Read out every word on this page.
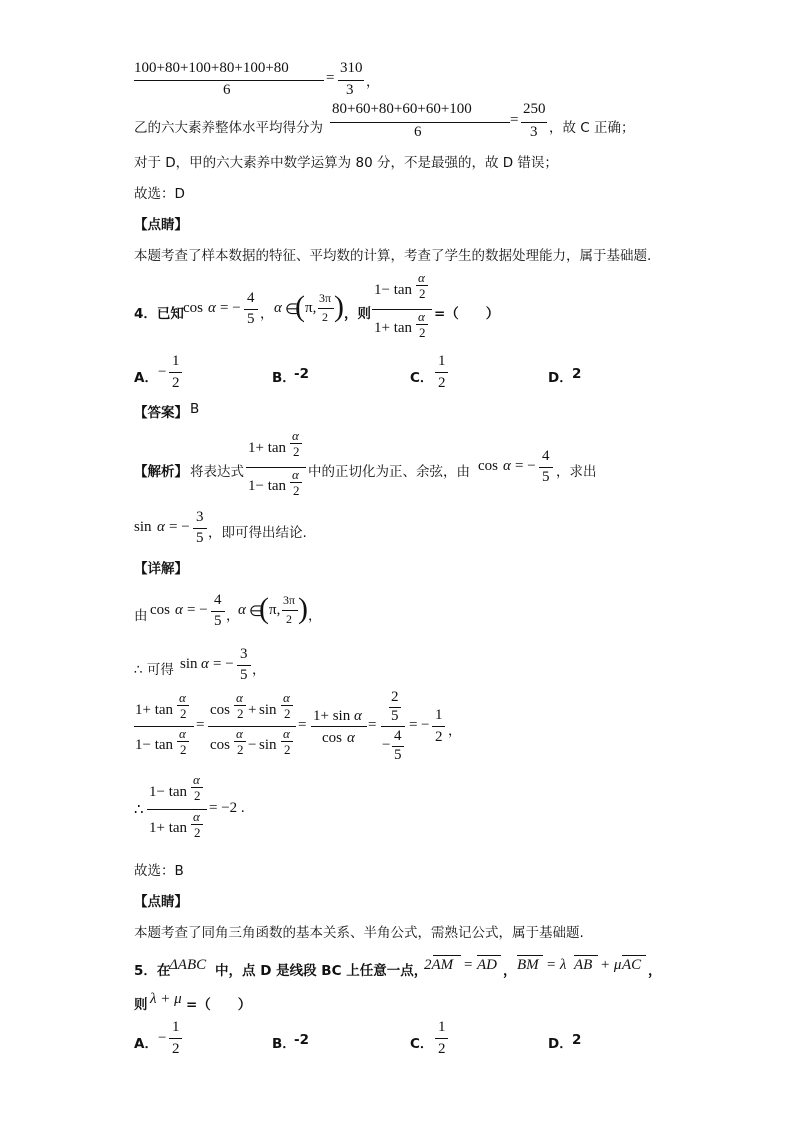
100+80+100+80+100+80
6
=
310
3 ，
乙的六大素养整体水平均得分为
80+60+80+60+60+100
6
=
250
3 ，故 C 正确；
对于 D，甲的六大素养中数学运算为 80 分，不是最强的，故 D 错误；
故选：D
【点睛】
本题考查了样本数据的特征、平均数的计算，考查了学生的数据处理能力，属于基础题.
4．已知 cos α = −
4
5 ， α ∈
( π,
3π
2 ) ，则
1− tan
α
2
1+ tan
α
2
=（　　）
A． −
1
2	B．
-2	C．
1
2	D． 2
【答案】 B
【解析】 将表达式
1+ tan
α
2
1− tan
α
2
中的正切化为正、余弦，由 cos α = −
4
5 ，求出
sin α = −
3
5 ，即可得出结论.
【详解】
由 cos α = −
4
5 ，
α ∈
( π,
3π
2 ) ，
∴ 可得 sin α = −
3
5 ，
1+ tan
α
2
1− tan
α
2
=
cos
α
2 + sin
α
2
cos
α
2 − sin
α
2
=
1+ sin α
cos α
=
2
5
−
4
5
= −
1
2 ，
∴
1− tan
α
2
1+ tan
α
2
= −2 .
故选：B
【点睛】
本题考查了同角三角函数的基本关系、半角公式，需熟记公式，属于基础题.
5．在
ΔABC 中，点 D 是线段 BC 上任意一点，
2AM = AD ， BM = λ AB + μ AC ，
则 λ + μ =（　　）
A． −
1
2	B．
-2	C．
1
2	D． 2
